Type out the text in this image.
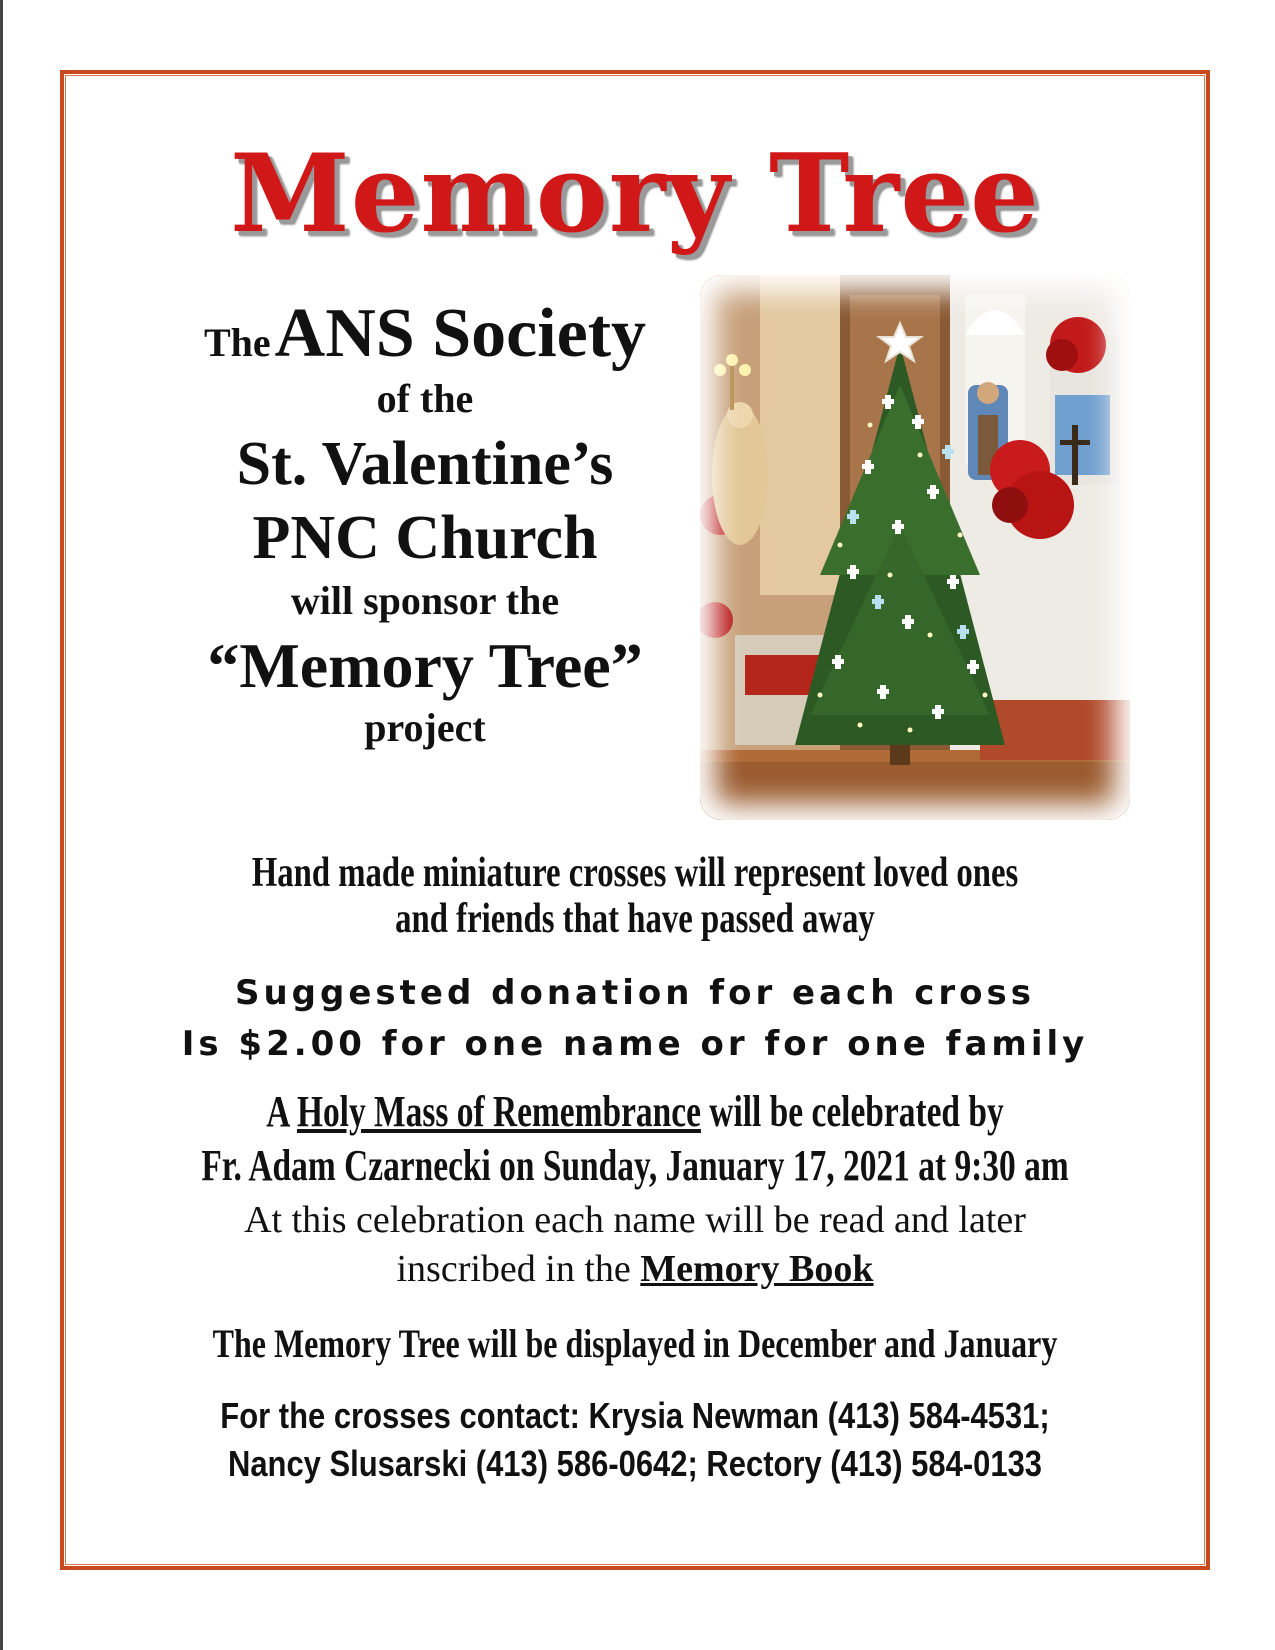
Memory Tree
The ANS Society
of the
St. Valentine’s
PNC Church
will sponsor the
“Memory Tree”
project
Hand made miniature crosses will represent loved ones
and friends that have passed away
Suggested donation for each cross
Is $2.00 for one name or for one family
A Holy Mass of Remembrance will be celebrated by
Fr. Adam Czarnecki on Sunday, January 17, 2021 at 9:30 am
At this celebration each name will be read and later
inscribed in the Memory Book
The Memory Tree will be displayed in December and January
For the crosses contact: Krysia Newman (413) 584-4531;
Nancy Slusarski (413) 586-0642; Rectory (413) 584-0133
